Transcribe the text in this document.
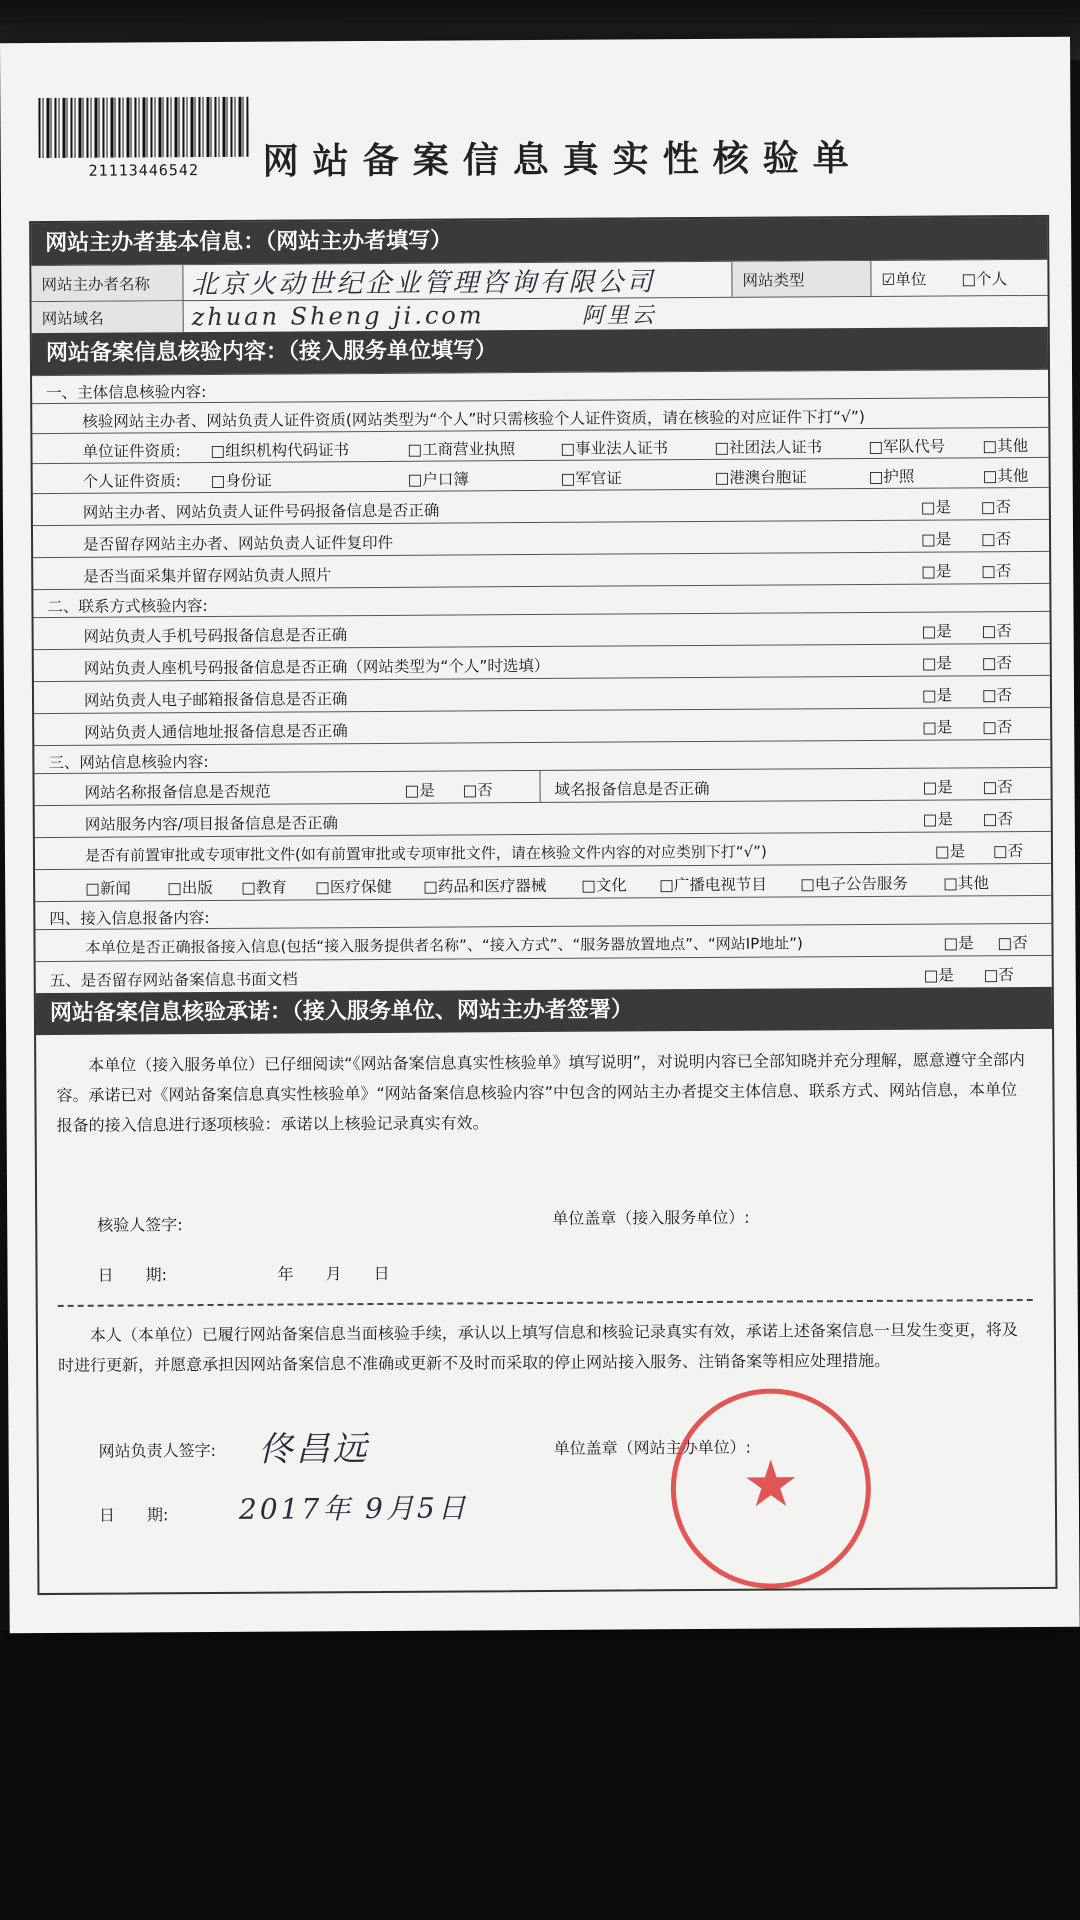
21113446542	网站备案信息真实性核验单
网站主办者基本信息：（网站主办者填写）
网站主办者名称	北京火动世纪企业管理咨询有限公司	网站类型	☑单位	□个人
网站域名	zhuan Sheng ji.com	阿里云
网站备案信息核验内容：（接入服务单位填写）
一、主体信息核验内容:
核验网站主办者、网站负责人证件资质(网站类型为“个人”时只需核验个人证件资质，请在核验的对应证件下打“√”)
单位证件资质: □组织机构代码证书	□工商营业执照	□事业法人证书	□社团法人证书	□军队代号 □其他
个人证件资质: □身份证	□户口簿	□军官证	□港澳台胞证	□护照	□其他
网站主办者、网站负责人证件号码报备信息是否正确	□是 □否
是否留存网站主办者、网站负责人证件复印件	□是 □否
是否当面采集并留存网站负责人照片	□是 □否
二、联系方式核验内容:
网站负责人手机号码报备信息是否正确	□是 □否
网站负责人座机号码报备信息是否正确（网站类型为“个人”时选填）	□是 □否
网站负责人电子邮箱报备信息是否正确	□是 □否
网站负责人通信地址报备信息是否正确	□是 □否
三、网站信息核验内容:
网站名称报备信息是否规范	□是 □否	域名报备信息是否正确	□是 □否
网站服务内容/项目报备信息是否正确	□是 □否
是否有前置审批或专项审批文件(如有前置审批或专项审批文件，请在核验文件内容的对应类别下打“√”)	□是 □否
□新闻 □出版 □教育 □医疗保健 □药品和医疗器械 □文化 □广播电视节目 □电子公告服务 □其他
四、接入信息报备内容:
本单位是否正确报备接入信息(包括“接入服务提供者名称”、“接入方式”、“服务器放置地点”、“网站IP地址”)	□是 □否
五、是否留存网站备案信息书面文档	□是 □否
网站备案信息核验承诺：（接入服务单位、网站主办者签署）
本单位（接入服务单位）已仔细阅读“《网站备案信息真实性核验单》填写说明”，对说明内容已全部知晓并充分理解，愿意遵守全部内容。承诺已对《网站备案信息真实性核验单》“网站备案信息核验内容”中包含的网站主办者提交主体信息、联系方式、网站信息，本单位报备的接入信息进行逐项核验：承诺以上核验记录真实有效。
核验人签字:	单位盖章（接入服务单位）:
日　　期:	年　　月　　日
本人（本单位）已履行网站备案信息当面核验手续，承认以上填写信息和核验记录真实有效，承诺上述备案信息一旦发生变更，将及时进行更新，并愿意承担因网站备案信息不准确或更新不及时而采取的停止网站接入服务、注销备案等相应处理措施。
网站负责人签字: 佟昌远	单位盖章（网站主办单位）:
日　　期:	2017年 9月5日	★
